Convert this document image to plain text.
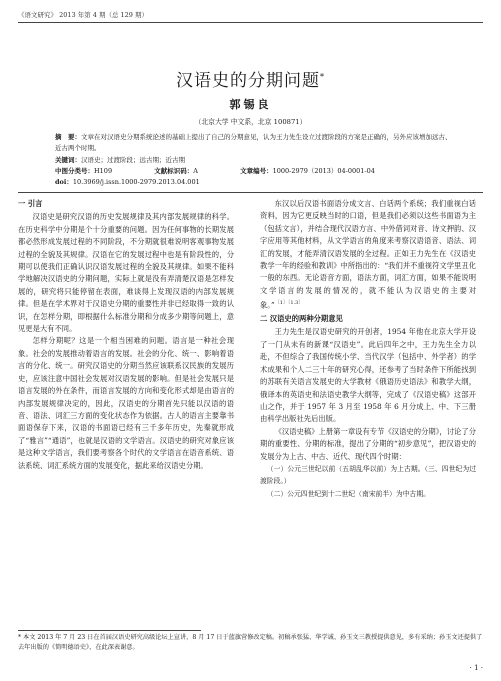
《语文研究》 2013 年第 4 期（总 129 期）
汉语史的分期问题*
郭锡良
（北京大学 中文系，北京 100871）
摘　要：文章在对汉语史分期系统论述的基础上提出了自己的分期意见，认为王力先生设立过渡阶段的方案是正确的，另外应该增加远古、近古两个时期。
关键词：汉语史；过渡阶段；远古期；近古期
中图分类号：H109	文献标识码：A	文章编号：1000-2979（2013）04-0001-04
doi：10.3969/j.issn.1000-2979.2013.04.001

一 引言

汉语史是研究汉语的历史发展规律及其内部发展规律的科学。在历史科学中分期是个十分重要的问题。因为任何事物的长期发展都必然形成发展过程的不同阶段，不分期就很难说明客观事物发展过程的全貌及其规律。汉语在它的发展过程中也是有阶段性的，分期可以使我们正确认识汉语发展过程的全貌及其规律。如果不能科学地解决汉语史的分期问题，实际上就是没有弄清楚汉语是怎样发展的，研究将只能停留在表面，难谈得上发现汉语的内部发展规律。但是在学术界对于汉语史分期的重要性并非已经取得一致的认识，在怎样分期，即根据什么标准分期和分成多少期等问题上，意见更是大有不同。

怎样分期呢？这是一个相当困难的问题。语言是一种社会现象。社会的发展推动着语言的发展。社会的分化、统一、影响着语言的分化、统一。研究汉语史的分期当然应该联系汉民族的发展历史，应该注意中国社会发展对汉语发展的影响。但是社会发展只是语言发展的外在条件，而语言发展的方向和变化形式却是由语言的内部发展规律决定的，因此，汉语史的分期首先只能以汉语的语音、语法、词汇三方面的变化状态作为依据。古人的语言主要靠书面语保存下来，汉语的书面语已经有三千多年历史，先秦就形成了“雅言”“通语”，也就是汉语的文学语言。汉语史的研究对象应该是这种文学语言，我们要考察各个时代的文学语言在语音系统、语法系统、词汇系统方面的发展变化，据此来给汉语史分期。

东汉以后汉语书面语分成文言、白话两个系统；我们重视白话资料，因为它更反映当时的口语，但是我们必须以这些书面语为主（包括文言），并结合现代汉语方言、中外借词对音、诗文押韵、汉字应用等其他材料，从文学语言的角度来考察汉语语音、语法、词汇的发展，才能弄清汉语发展的全过程。正如王力先生在《汉语史教学一年的经验和教训》中所指出的：“我们并不重视符文学里丑化一般的东西。无论语音方面，语法方面，词汇方面，如果不能说明文学语言的发展的情况的，就不能认为汉语史的主要对象。”$^{〔1〕〔1.3〕}$

二 汉语史的两种分期意见

王力先生是汉语史研究的开创者，1954 年他在北京大学开设了一门从未有的新课“汉语史”。此后四年之中，王力先生全力以赴，不但综合了我国传统小学、当代汉学（包括中、外学者）的学术成果和个人二三十年的研究心得，还参考了当时条件下所能找到的苏联有关语言发展史的大学教材《俄语历史语法》和教学大纲，俄译本的英语史和法语史教学大纲等，完成了《汉语史稿》这部开山之作，并于 1957 年 3 月至 1958 年 6 月分成上、中、下三册由科学出版社先后出版。

《汉语史稿》上册第一章设有专节《汉语史的分期》，讨论了分期的重要性、分期的标准，提出了分期的“初步意见”，把汉语史的发展分为上古、中古、近代、现代四个时期：

（一）公元三世纪以前（五胡乱华以前）为上古期。（三、四世纪为过渡阶段。）

（二）公元四世纪到十二世纪（南宋前半）为中古期。

* 本文 2013 年 7 月 23 日在首届汉语史研究高级论坛上宣讲，8 月 17 日于蓝旗营修改定稿。初稿承张猛、华学诚、孙玉文三教授提供意见，多有采纳；孙玉文还提供了去年出版的《简明德语史》，在此深表谢意。
· 1 ·
